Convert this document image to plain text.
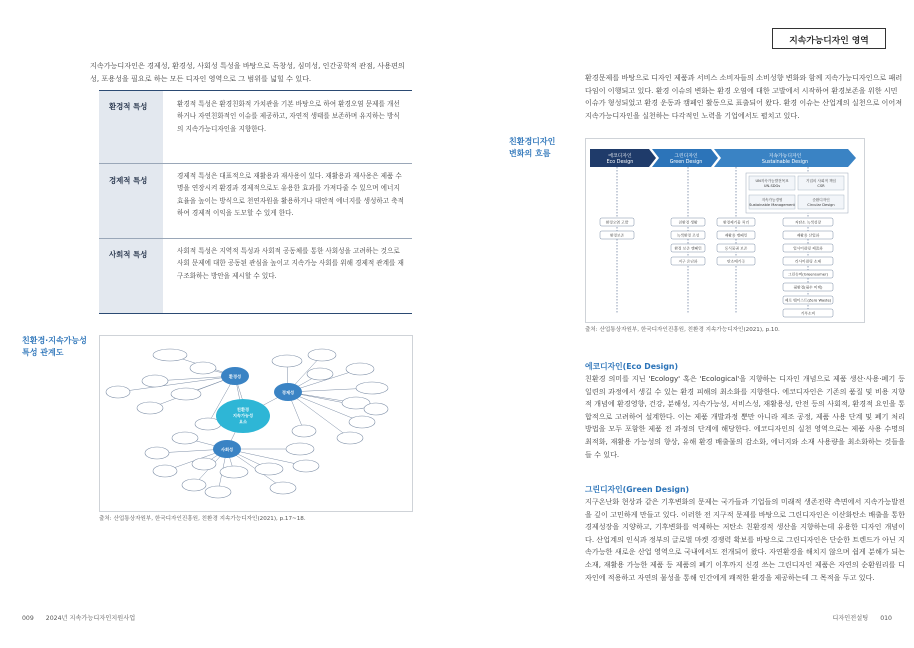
지속가능디자인 영역
지속가능디자인은 경제성, 환경성, 사회성 특성을 바탕으로 독창성, 심미성, 인간공학적 관점, 사용편의성, 포용성을 필요로 하는 모든 디자인 영역으로 그 범위를 넓힐 수 있다.
환경적 특성	환경적 특성은 환경친화적 가치관을 기본 바탕으로 하여 환경오염 문제를 개선하거나 자연친화적인 이슈를 제공하고, 자연적 생태를 보존하며 유지하는 방식의 지속가능디자인을 지향한다.
경제적 특성	경제적 특성은 대표적으로 재활용과 재사용이 있다. 재활용과 재사용은 제품 수명을 연장시켜 환경과 경제적으로도 유용한 효과를 가져다줄 수 있으며 에너지 효율을 높이는 방식으로 천연자원을 활용하거나 대안적 에너지를 생성하고 축적하여 경제적 이익을 도모할 수 있게 한다.
사회적 특성	사회적 특성은 지역적 특성과 사회적 공동체를 통한 사회성을 고려하는 것으로 사회 문제에 대한 공동된 관심을 높이고 지속가능 사회를 위해 경제적 관계를 재 구조화하는 방안을 제시할 수 있다.
친환경·지속가능성
특성 관계도
친환경
지속가능성
요소
환경성
경제성
사회성
출처: 산업통상자원부, 한국디자인진흥원, 친환경 지속가능디자인(2021), p.17~18.
환경문제를 바탕으로 디자인 제품과 서비스 소비자들의 소비성향 변화와 함께 지속가능디자인으로 패러다임이 이행되고 있다. 환경 이슈의 변화는 환경 오염에 대한 고발에서 시작하여 환경보존을 위한 시민 이슈가 형성되었고 환경 운동과 캠페인 활동으로 표출되어 왔다. 환경 이슈는 산업계의 실천으로 이어져 지속가능디자인을 실천하는 다각적인 노력을 기업에서도 펼치고 있다.
친환경디자인
변화의 흐름	에코디자인
Eco Design
그린디자인
Green Design
지속가능디자인
Sustainable Design
UN지속가능발전목표
UN-SDGs
기업의 사회적 책임
CSR
지속가능경영
Sustainable Management
순환디자인
Circular Design
환경오염 고발
환경보존
친환경 생활
녹색환경 조성
환경 보존 캠페인
지구 온난화
환경제기물 처리
재활용 캠페인
동식물권 보존
탄소배기곡
저탄소 녹색성장
재활용 산업화
업사이클링 제품화
리사이클링 소재
그린슈머(Greensumer)
필환경(필수 미택)
제로 웨이스트(Zero Waste)
기후소비
출처: 산업통상자원부, 한국디자인진흥원, 친환경 지속가능디자인(2021), p.10.
에코디자인(Eco Design)
친환경 의미를 지닌 'Ecology' 혹은 'Ecological'을 지향하는 디자인 개념으로 제품 생산·사용·폐기 등 일련의 과정에서 생길 수 있는 환경 피해의 최소화를 지향한다. 에코디자인은 기존의 품질 및 비용 지향적 개념에 환경영향, 건강, 분해성, 지속가능성, 서비스성, 재활용성, 안전 등의 사회적, 환경적 요인을 통합적으로 고려하여 설계한다. 이는 제품 개발과정 뿐만 아니라 제조 공정, 제품 사용 단계 및 폐기 처리 방법을 모두 포함한 제품 전 과정의 단계에 해당한다. 에코디자인의 실천 영역으로는 제품 사용 수명의 최적화, 재활용 가능성의 향상, 유해 환경 배출물의 감소화, 에너지와 소재 사용량을 최소화하는 것들을 들 수 있다.
그린디자인(Green Design)
지구온난화 현상과 같은 기후변화의 문제는 국가들과 기업들의 미래적 생존전략 측면에서 지속가능발전을 깊이 고민하게 만들고 있다. 이러한 전 지구적 문제를 바탕으로 그린디자인은 이산화탄소 배출을 통한 경제성장을 지양하고, 기후변화를 억제하는 저탄소 친환경적 생산을 지향하는데 유용한 디자인 개념이다. 산업계의 인식과 정부의 글로벌 마켓 경쟁력 확보를 바탕으로 그린디자인은 단순한 트렌드가 아닌 지속가능한 새로운 산업 영역으로 국내에서도 전개되어 왔다. 자연환경을 해치지 않으며 쉽게 분해가 되는 소재, 재활용 가능한 제품 등 제품의 폐기 이후까지 신경 쓰는 그린디자인 제품은 자연의 순환원리를 디자인에 적용하고 자연의 물성을 통해 인간에게 쾌적한 환경을 제공하는데 그 목적을 두고 있다.
009 2024년 지속가능디자인지원사업	디자인전설팅 010
